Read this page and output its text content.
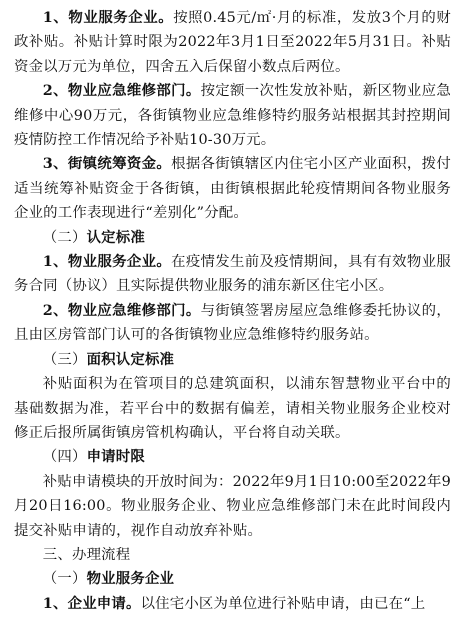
1、物业服务企业。按照0.45元/㎡·月的标准，发放3个月的财政补贴。补贴计算时限为2022年3月1日至2022年5月31日。补贴资金以万元为单位，四舍五入后保留小数点后两位。

2、物业应急维修部门。按定额一次性发放补贴，新区物业应急维修中心90万元，各街镇物业应急维修特约服务站根据其封控期间疫情防控工作情况给予补贴10-30万元。

3、街镇统筹资金。根据各街镇辖区内住宅小区产业面积，拨付适当统筹补贴资金于各街镇，由街镇根据此轮疫情期间各物业服务企业的工作表现进行“差别化”分配。

（二）认定标准

1、物业服务企业。在疫情发生前及疫情期间，具有有效物业服务合同（协议）且实际提供物业服务的浦东新区住宅小区。

2、物业应急维修部门。与街镇签署房屋应急维修委托协议的，且由区房管部门认可的各街镇物业应急维修特约服务站。

（三）面积认定标准

补贴面积为在管项目的总建筑面积，以浦东智慧物业平台中的基础数据为准，若平台中的数据有偏差，请相关物业服务企业校对修正后报所属街镇房管机构确认，平台将自动关联。

（四）申请时限

补贴申请模块的开放时间为：2022年9月1日10:00至2022年9月20日16:00。物业服务企业、物业应急维修部门未在此时间段内提交补贴申请的，视作自动放弃补贴。

三、办理流程

（一）物业服务企业

1、企业申请。以住宅小区为单位进行补贴申请，由已在“上
